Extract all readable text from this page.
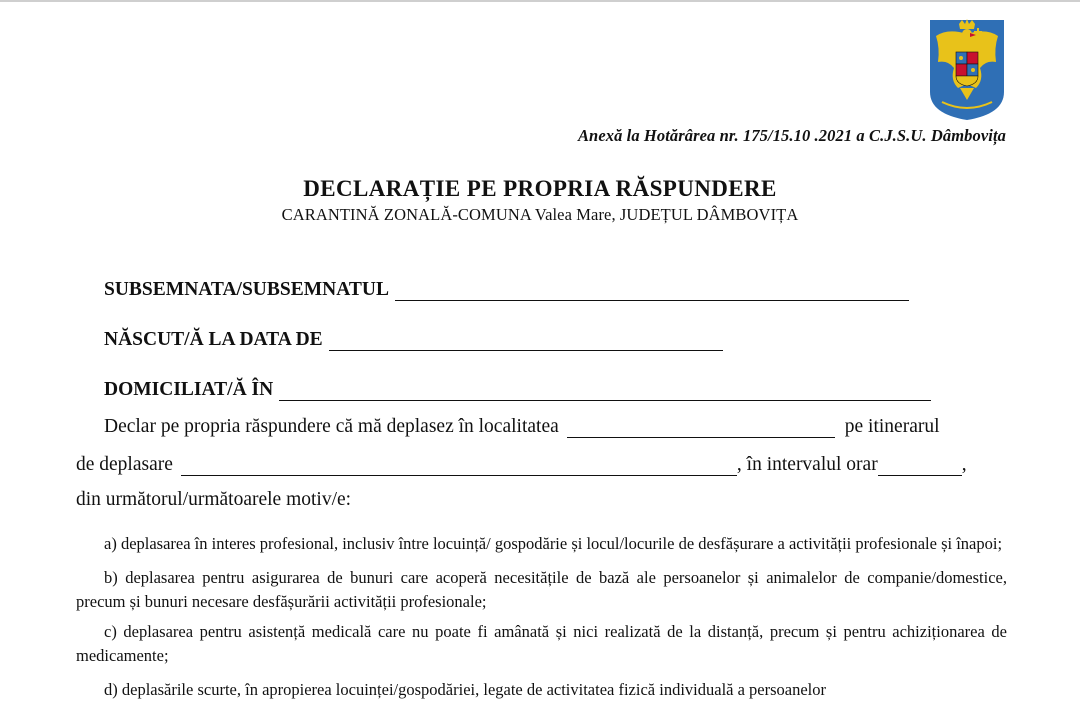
Anexă la Hotărârea nr. 175/15.10 .2021 a C.J.S.U. Dâmbovița
DECLARAȚIE PE PROPRIA RĂSPUNDERE
CARANTINĂ ZONALĂ-COMUNA Valea Mare, JUDEȚUL DÂMBOVIȚA
SUBSEMNATA/SUBSEMNATUL
NĂSCUT/Ă LA DATA DE
DOMICILIAT/Ă ÎN
Declar pe propria răspundere că mă deplasez în localitatea	pe itinerarul
de deplasare	, în intervalul orar	,
din următorul/următoarele motiv/e:

a) deplasarea în interes profesional, inclusiv între locuință/ gospodărie și locul/locurile de desfășurare a activității profesionale și înapoi;

b) deplasarea pentru asigurarea de bunuri care acoperă necesitățile de bază ale persoanelor și animalelor de companie/domestice, precum și bunuri necesare desfășurării activității profesionale;

c) deplasarea pentru asistență medicală care nu poate fi amânată și nici realizată de la distanță, precum și pentru achiziționarea de medicamente;

d) deplasările scurte, în apropierea locuinței/gospodăriei, legate de activitatea fizică individuală a persoanelor
